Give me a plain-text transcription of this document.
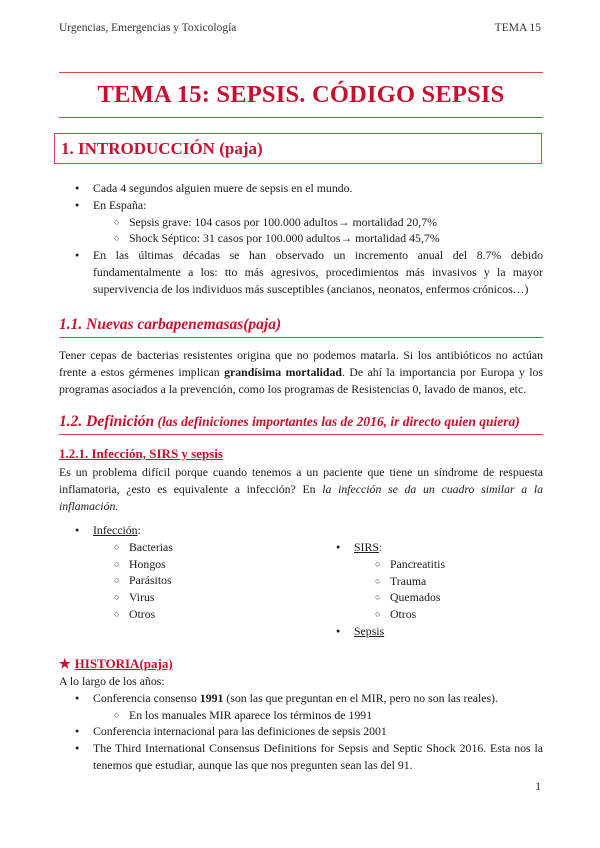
Urgencias, Emergencias y Toxicología	TEMA 15
TEMA 15: SEPSIS. CÓDIGO SEPSIS
1. INTRODUCCIÓN (paja)
● Cada 4 segundos alguien muere de sepsis en el mundo.
● En España:
○ Sepsis grave: 104 casos por 100.000 adultos→ mortalidad 20,7%
○ Shock Séptico: 31 casos por 100.000 adultos→ mortalidad 45,7%
● En las últimas décadas se han observado un incremento anual del 8.7% debido fundamentalmente a los: tto más agresivos, procedimientos más invasivos y la mayor supervivencia de los individuos más susceptibles (ancianos, neonatos, enfermos crónicos…)
1.1. Nuevas carbapenemasas(paja)
Tener cepas de bacterias resistentes origina que no podemos matarla. Si los antibióticos no actúan frente a estos gérmenes implican grandísima mortalidad. De ahí la importancia por Europa y los programas asociados a la prevención, como los programas de Resistencias 0, lavado de manos, etc.
1.2. Definición (las definiciones importantes las de 2016, ir directo quien quiera)
1.2.1. Infección, SIRS y sepsis
Es un problema difícil porque cuando tenemos a un paciente que tiene un síndrome de respuesta inflamatoria, ¿esto es equivalente a infección? En la infección se da un cuadro similar a la inflamación.
● Infección:
○ Bacterias
○ Hongos
○ Parásitos
○ Virus
○ Otros
● SIRS:
○ Pancreatitis
○ Trauma
○ Quemados
○ Otros
● Sepsis
★ HISTORIA(paja)
A lo largo de los años:
● Conferencia consenso 1991 (son las que preguntan en el MIR, pero no son las reales).
○ En los manuales MIR aparece los términos de 1991
● Conferencia internacional para las definiciones de sepsis 2001
● The Third International Consensus Definitions for Sepsis and Septic Shock 2016. Esta nos la tenemos que estudiar, aunque las que nos pregunten sean las del 91.
1
